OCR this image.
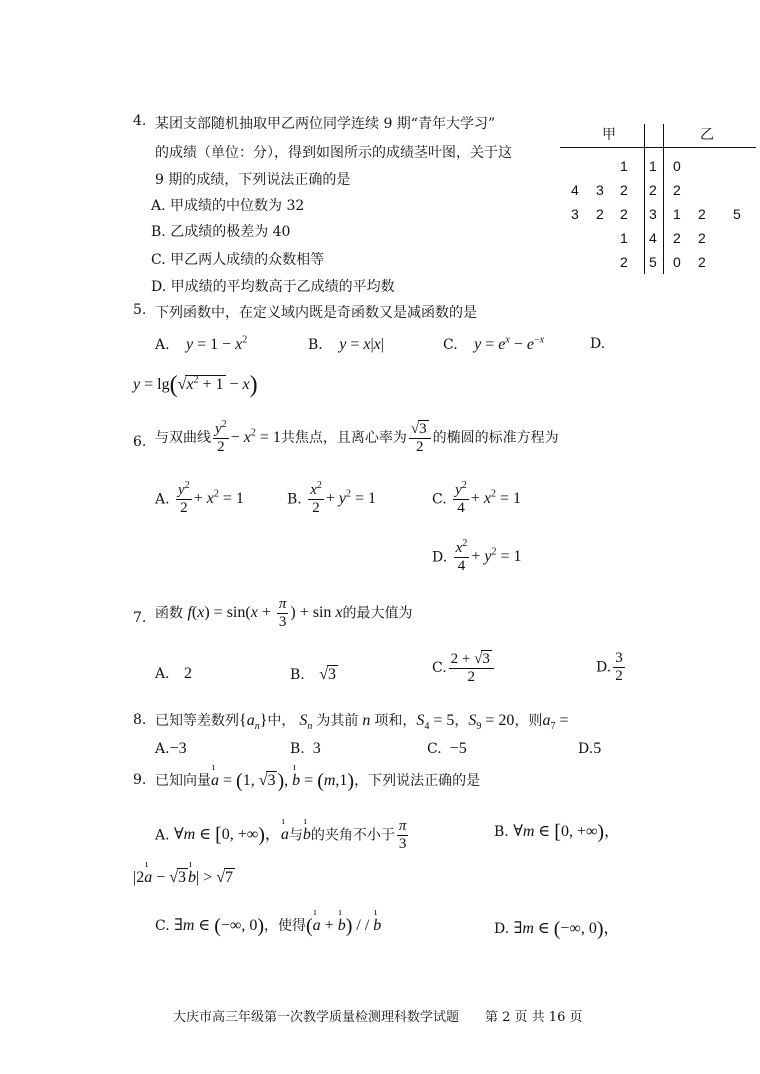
4. 某团支部随机抽取甲乙两位同学连续 9 期“青年大学习”
的成绩（单位：分），得到如图所示的成绩茎叶图，关于这
9 期的成绩，下列说法正确的是
A. 甲成绩的中位数为 32
B. 乙成绩的极差为 40
C. 甲乙两人成绩的众数相等
D. 甲成绩的平均数高于乙成绩的平均数
甲	乙
1 1 0
4 3 2 2 2
3 2 2 3 1 2 5
1 4 2 2
2 5 0 2
5. 下列函数中，在定义域内既是奇函数又是减函数的是
A. $y = 1 - x^2$	B. y = x|x|	C. $y = e^x - e^{-x}$	D.
$y = \lg(√x^2 + 1 - x)$
6. 与双曲线 $\frac{y^2}{2} - x^2 = 1$共焦点，且离心率为 $\frac{√3}{2}$ 的椭圆的标准方程为
A. $\frac{y^2}{2} + x^2 = 1$	B. $\frac{x^2}{2} + y^2 = 1$	C. $\frac{y^2}{4} + x^2 = 1$
D. $\frac{x^2}{4} + y^2 = 1$
7. 函数 $f(x) = \sin(x + \frac{\pi}{3}$ ) + sin x的最大值为
A. 2	B. √3	C. $\frac{2 + √3}{2}$	D. $\frac{3}{2}$
8. 已知等差数列$\{a_n\}$中， $S_n$ 为其前 n 项和，$S_4 = 5$，$S_9 = 20$，则$a_7$ =
A.−3	B. 3	C. −5	D.5
9. 已知向量ı a = (1, √3 ), ı b = (m,1)，下列说法正确的是
A. ∀m ∈ [0, +∞)，ı a与ı b的夹角不小于 $\frac{\pi}{3}$	B. ∀m ∈ [0, +∞)，
|2ı a − √3ı b| > √7
C. ∃m ∈ (−∞, 0)，使得(ı a + ı b) / / ı b	D. ∃m ∈ (−∞, 0)，
大庆市高三年级第一次教学质量检测理科数学试题 第 2 页 共 16 页
